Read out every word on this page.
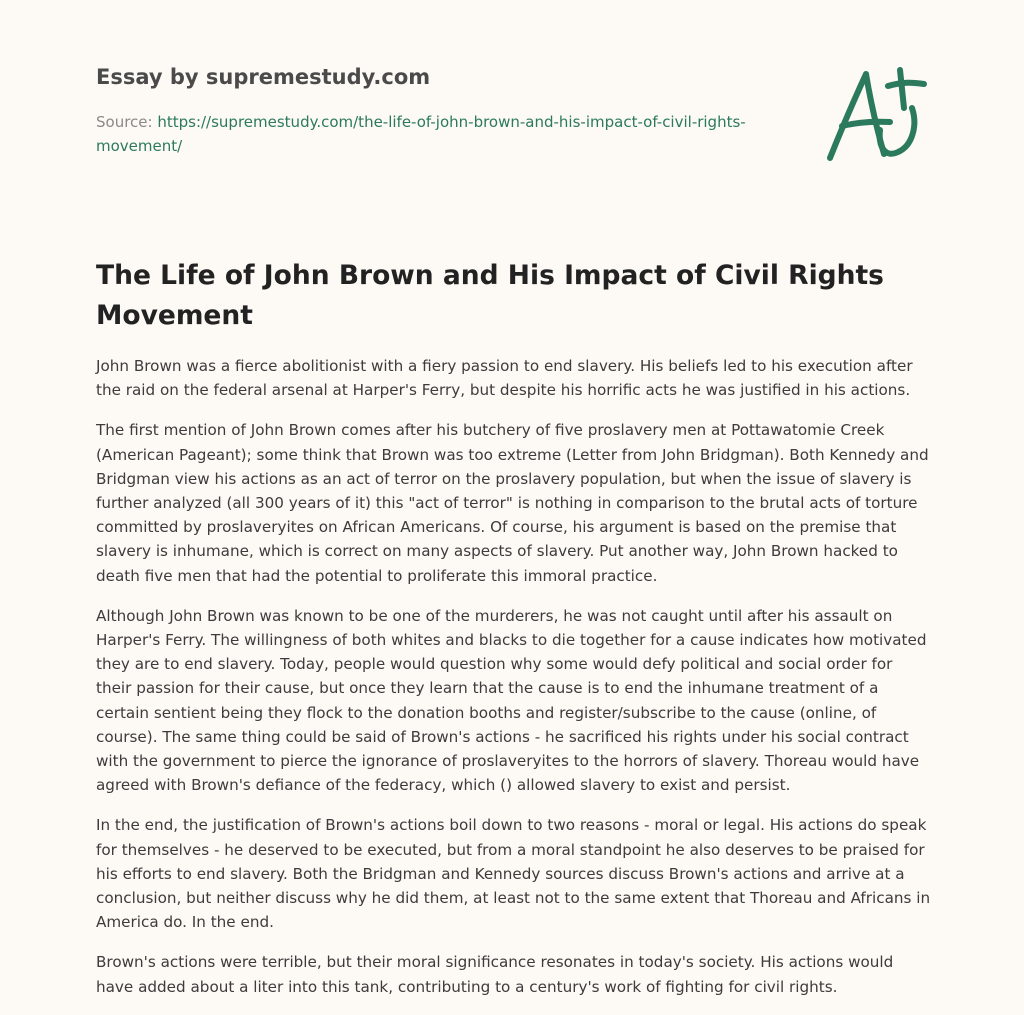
Essay by supremestudy.com
Source: https://supremestudy.com/the-life-of-john-brown-and-his-impact-of-civil-rights-movement/
The Life of John Brown and His Impact of Civil Rights Movement

John Brown was a fierce abolitionist with a fiery passion to end slavery. His beliefs led to his execution after the raid on the federal arsenal at Harper's Ferry, but despite his horrific acts he was justified in his actions.

The first mention of John Brown comes after his butchery of five proslavery men at Pottawatomie Creek (American Pageant); some think that Brown was too extreme (Letter from John Bridgman). Both Kennedy and Bridgman view his actions as an act of terror on the proslavery population, but when the issue of slavery is further analyzed (all 300 years of it) this "act of terror" is nothing in comparison to the brutal acts of torture committed by proslaveryites on African Americans. Of course, his argument is based on the premise that slavery is inhumane, which is correct on many aspects of slavery. Put another way, John Brown hacked to death five men that had the potential to proliferate this immoral practice.

Although John Brown was known to be one of the murderers, he was not caught until after his assault on Harper's Ferry. The willingness of both whites and blacks to die together for a cause indicates how motivated they are to end slavery. Today, people would question why some would defy political and social order for their passion for their cause, but once they learn that the cause is to end the inhumane treatment of a certain sentient being they flock to the donation booths and register/subscribe to the cause (online, of course). The same thing could be said of Brown's actions - he sacrificed his rights under his social contract with the government to pierce the ignorance of proslaveryites to the horrors of slavery. Thoreau would have agreed with Brown's defiance of the federacy, which () allowed slavery to exist and persist.

In the end, the justification of Brown's actions boil down to two reasons - moral or legal. His actions do speak for themselves - he deserved to be executed, but from a moral standpoint he also deserves to be praised for his efforts to end slavery. Both the Bridgman and Kennedy sources discuss Brown's actions and arrive at a conclusion, but neither discuss why he did them, at least not to the same extent that Thoreau and Africans in America do. In the end.

Brown's actions were terrible, but their moral significance resonates in today's society. His actions would have added about a liter into this tank, contributing to a century's work of fighting for civil rights.
